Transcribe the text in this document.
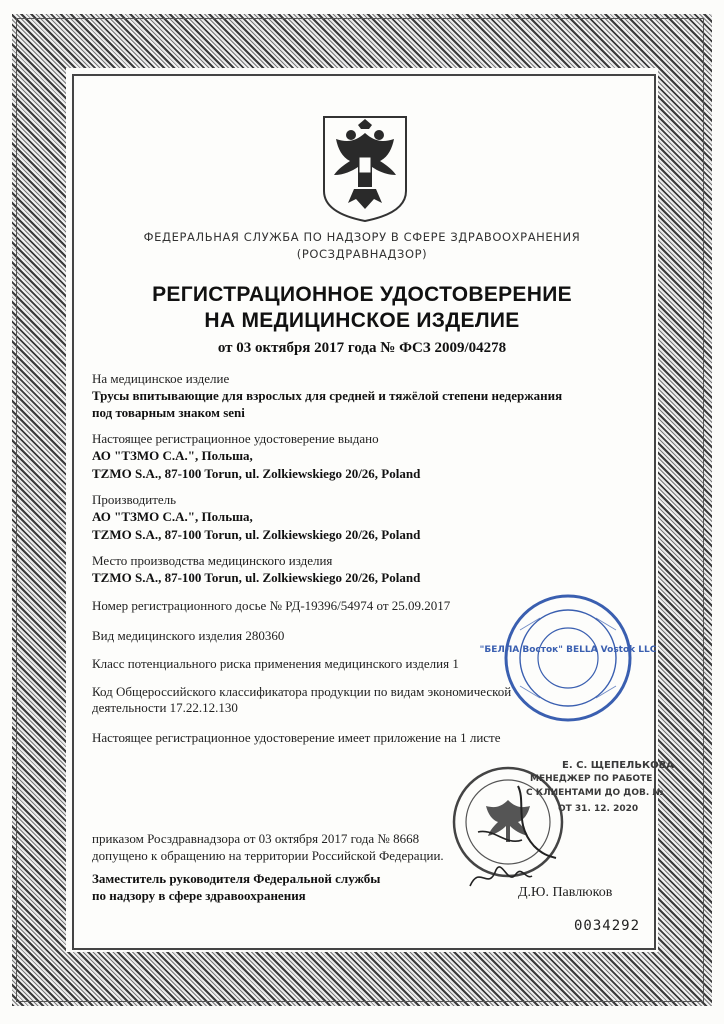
ФЕДЕРАЛЬНАЯ СЛУЖБА ПО НАДЗОРУ В СФЕРЕ ЗДРАВООХРАНЕНИЯ
(РОСЗДРАВНАДЗОР)
РЕГИСТРАЦИОННОЕ УДОСТОВЕРЕНИЕ
НА МЕДИЦИНСКОЕ ИЗДЕЛИЕ
от 03 октября 2017 года № ФСЗ 2009/04278
На медицинское изделие
Трусы впитывающие для взрослых для средней и тяжёлой степени недержания
под товарным знаком seni
Настоящее регистрационное удостоверение выдано
АО "ТЗМО С.А.", Польша,
TZMO S.A., 87-100 Torun, ul. Zolkiewskiego 20/26, Poland
Производитель
АО "ТЗМО С.А.", Польша,
TZMO S.A., 87-100 Torun, ul. Zolkiewskiego 20/26, Poland
Место производства медицинского изделия
TZMO S.A., 87-100 Torun, ul. Zolkiewskiego 20/26, Poland
Номер регистрационного досье № РД-19396/54974 от 25.09.2017
Вид медицинского изделия 280360
Класс потенциального риска применения медицинского изделия 1
Код Общероссийского классификатора продукции по видам экономической
деятельности 17.22.12.130
Настоящее регистрационное удостоверение имеет приложение на 1 листе
приказом Росздравнадзора от 03 октября 2017 года № 8668
допущено к обращению на территории Российской Федерации.
Заместитель руководителя Федеральной службы
по надзору в сфере здравоохранения	Д.Ю. Павлюков
0034292
"БЕЛЛА Восток" BELLA Vostok LLC
Е. С. ЩЕПЕЛЬКОВА
МЕНЕДЖЕР ПО РАБОТЕ
С КЛИЕНТАМИ ДО ДОВ. №
ОТ 31. 12. 2020
